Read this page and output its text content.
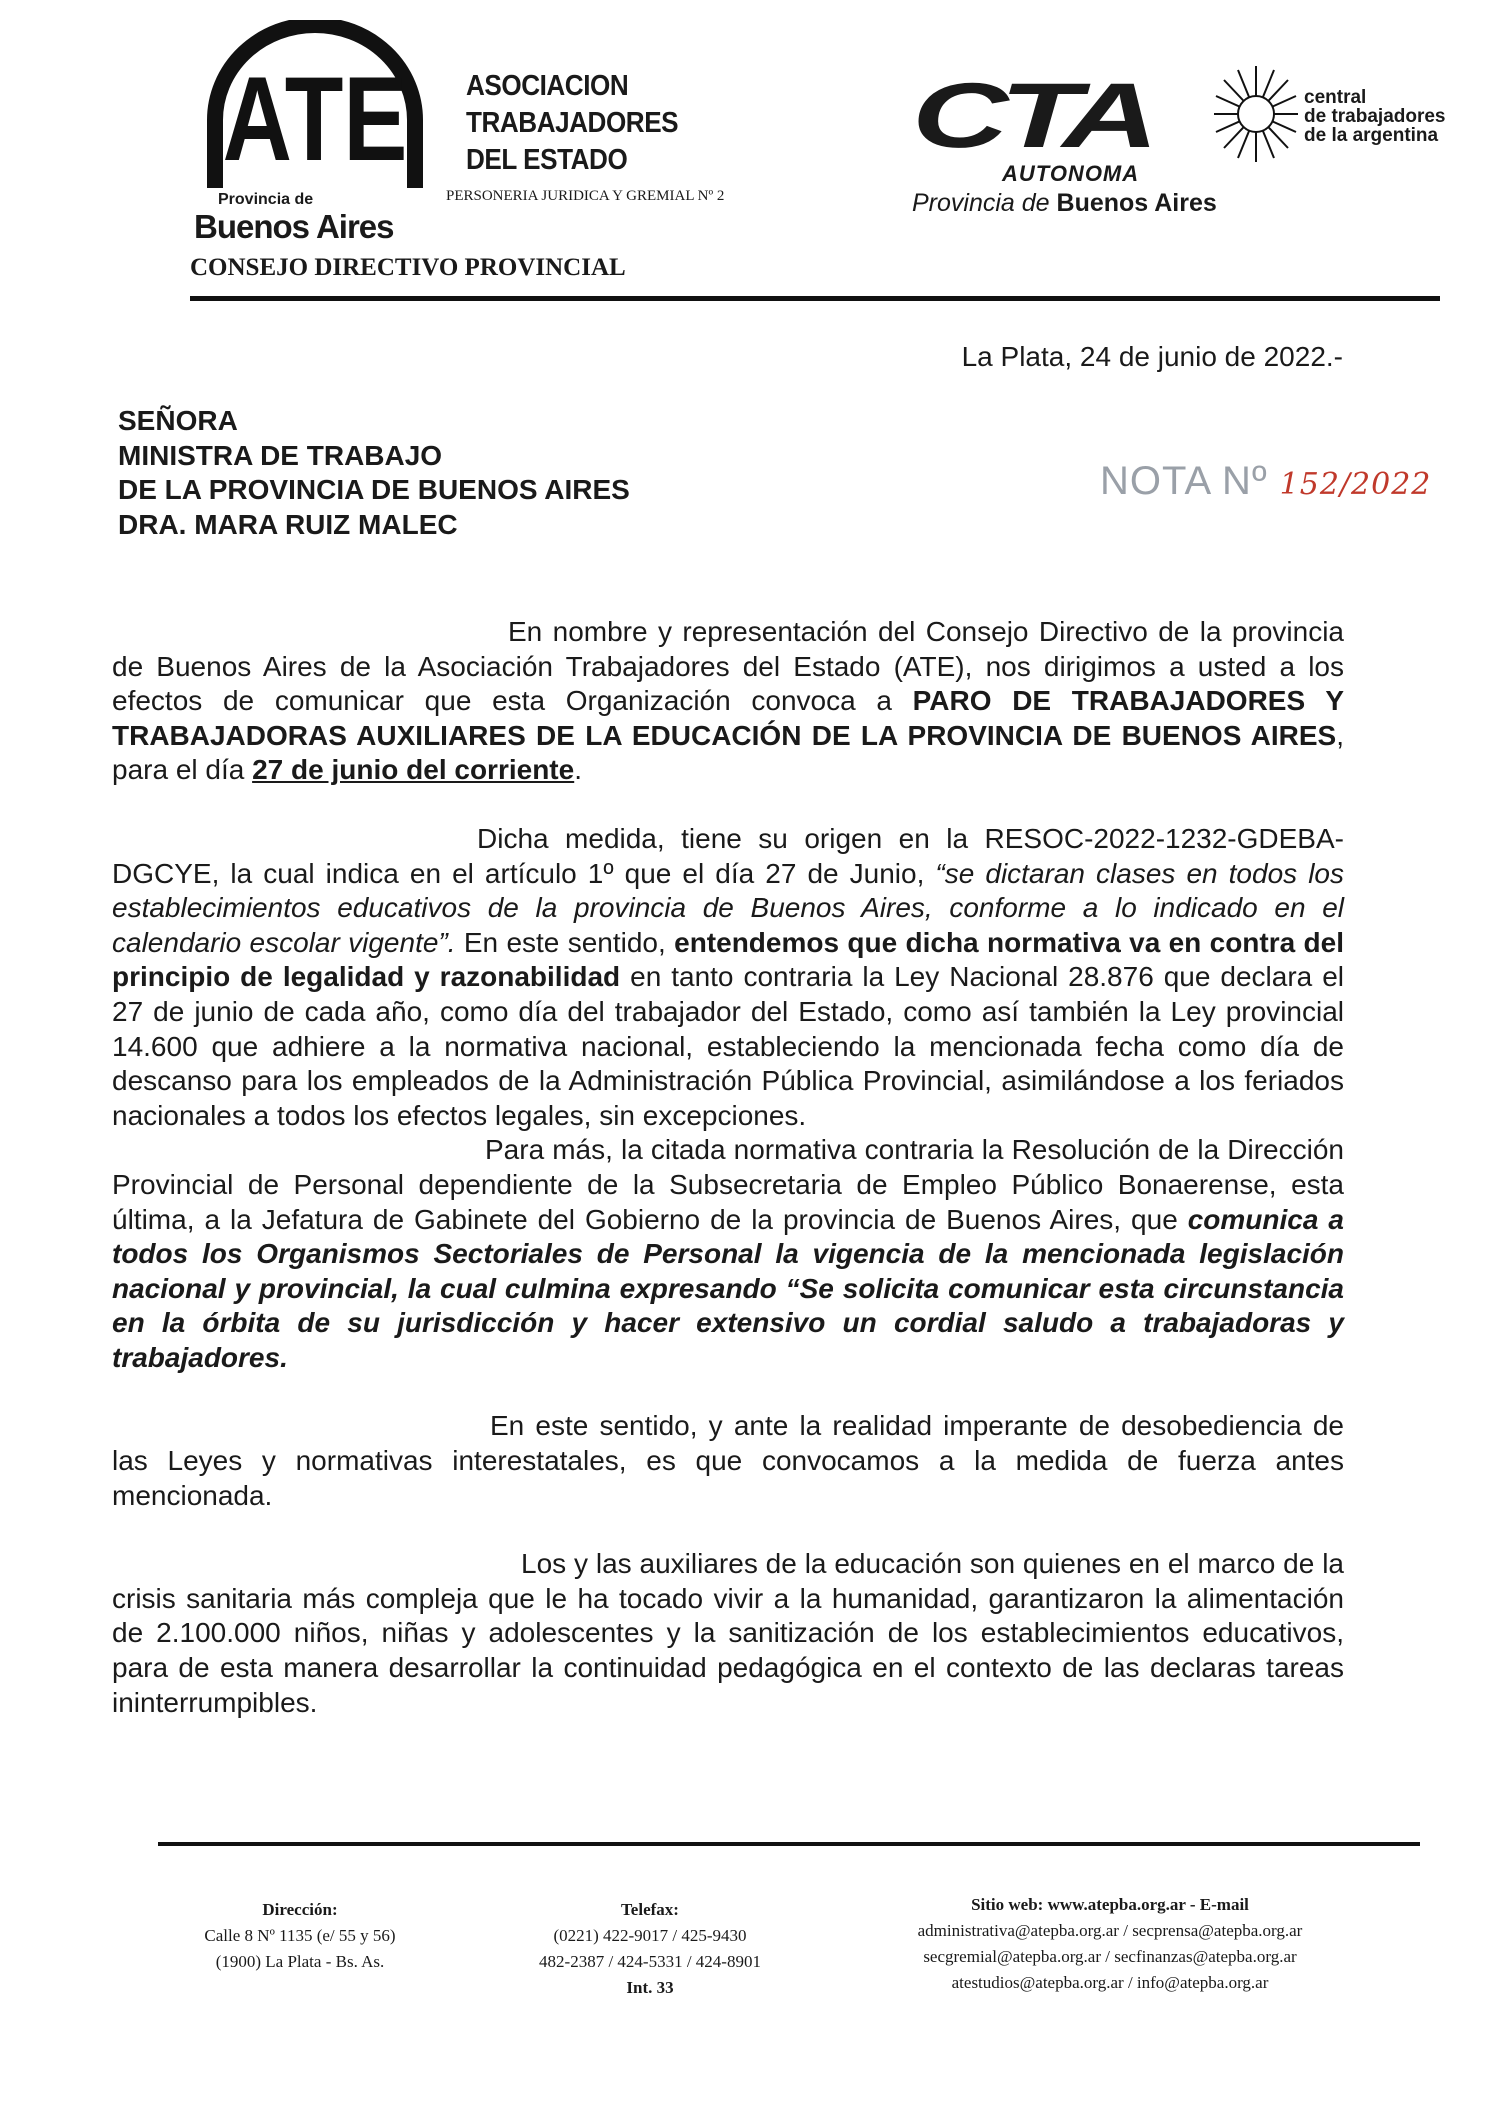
ATE
Provincia de
Buenos Aires
ASOCIACION
TRABAJADORES
DEL ESTADO
PERSONERIA JURIDICA Y GREMIAL Nº 2
CTA	central
de trabajadores
de la argentina
AUTONOMA
Provincia de Buenos Aires
CONSEJO DIRECTIVO PROVINCIAL
La Plata, 24 de junio de 2022.-
SEÑORA
MINISTRA DE TRABAJO
DE LA PROVINCIA DE BUENOS AIRES
DRA. MARA RUIZ MALEC
NOTA Nº 152/2022

En nombre y representación del Consejo Directivo de la provincia de Buenos Aires de la Asociación Trabajadores del Estado (ATE), nos dirigimos a usted a los efectos de comunicar que esta Organización convoca a PARO DE TRABAJADORES Y TRABAJADORAS AUXILIARES DE LA EDUCACIÓN DE LA PROVINCIA DE BUENOS AIRES, para el día 27 de junio del corriente.

Dicha medida, tiene su origen en la RESOC-2022-1232-GDEBA-DGCYE, la cual indica en el artículo 1º que el día 27 de Junio, “se dictaran clases en todos los establecimientos educativos de la provincia de Buenos Aires, conforme a lo indicado en el calendario escolar vigente”. En este sentido, entendemos que dicha normativa va en contra del principio de legalidad y razonabilidad en tanto contraria la Ley Nacional 28.876 que declara el 27 de junio de cada año, como día del trabajador del Estado, como así también la Ley provincial 14.600 que adhiere a la normativa nacional, estableciendo la mencionada fecha como día de descanso para los empleados de la Administración Pública Provincial, asimilándose a los feriados nacionales a todos los efectos legales, sin excepciones.

Para más, la citada normativa contraria la Resolución de la Dirección Provincial de Personal dependiente de la Subsecretaria de Empleo Público Bonaerense, esta última, a la Jefatura de Gabinete del Gobierno de la provincia de Buenos Aires, que comunica a todos los Organismos Sectoriales de Personal la vigencia de la mencionada legislación nacional y provincial, la cual culmina expresando “Se solicita comunicar esta circunstancia en la órbita de su jurisdicción y hacer extensivo un cordial saludo a trabajadoras y trabajadores.

En este sentido, y ante la realidad imperante de desobediencia de las Leyes y normativas interestatales, es que convocamos a la medida de fuerza antes mencionada.

Los y las auxiliares de la educación son quienes en el marco de la crisis sanitaria más compleja que le ha tocado vivir a la humanidad, garantizaron la alimentación de 2.100.000 niños, niñas y adolescentes y la sanitización de los establecimientos educativos, para de esta manera desarrollar la continuidad pedagógica en el contexto de las declaras tareas ininterrumpibles.

Dirección:
Calle 8 Nº 1135 (e/ 55 y 56)
(1900) La Plata - Bs. As.
Telefax:
(0221) 422-9017 / 425-9430
482-2387 / 424-5331 / 424-8901
Int. 33
Sitio web: www.atepba.org.ar - E-mail
administrativa@atepba.org.ar / secprensa@atepba.org.ar
secgremial@atepba.org.ar / secfinanzas@atepba.org.ar
atestudios@atepba.org.ar / info@atepba.org.ar
